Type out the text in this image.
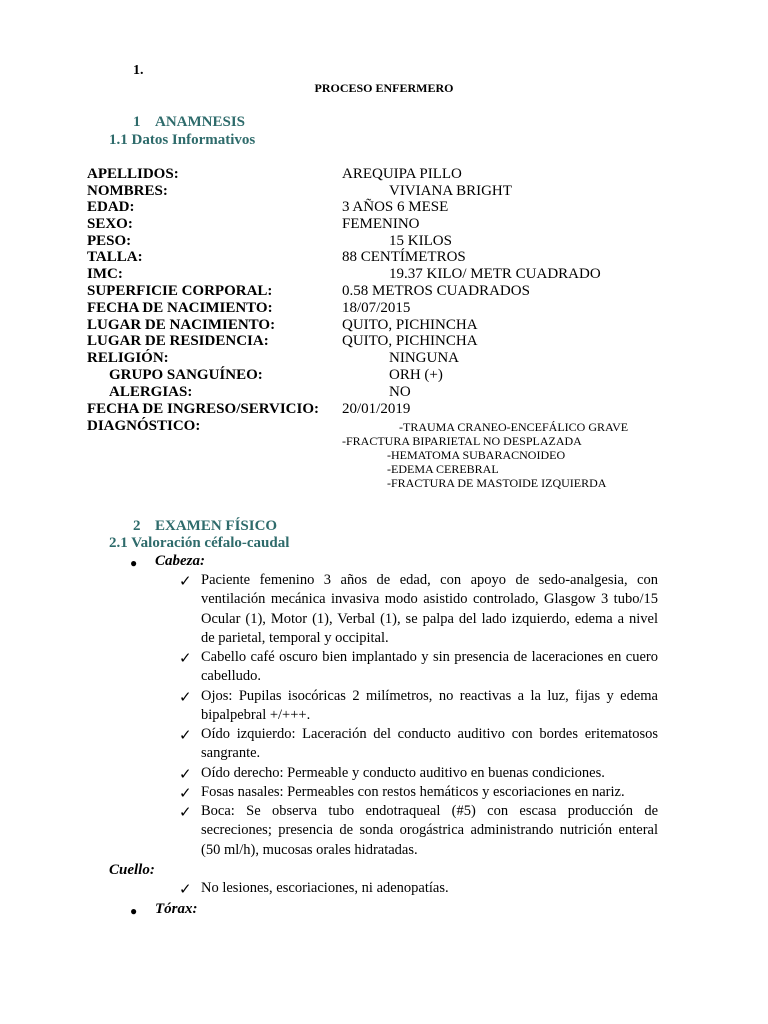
1.
PROCESO ENFERMERO
1 ANAMNESIS
1.1 Datos Informativos
APELLIDOS:	AREQUIPA PILLO
NOMBRES:	VIVIANA BRIGHT
EDAD:	3 AÑOS 6 MESE
SEXO:	FEMENINO
PESO:	15 KILOS
TALLA:	88 CENTÍMETROS
IMC:	19.37 KILO/ METR CUADRADO
SUPERFICIE CORPORAL:	0.58 METROS CUADRADOS
FECHA DE NACIMIENTO:	18/07/2015
LUGAR DE NACIMIENTO:	QUITO, PICHINCHA
LUGAR DE RESIDENCIA:	QUITO, PICHINCHA
RELIGIÓN:	NINGUNA
GRUPO SANGUÍNEO:	ORH (+)
ALERGIAS:	NO
FECHA DE INGRESO/SERVICIO: 20/01/2019
DIAGNÓSTICO:	-TRAUMA CRANEO-ENCEFÁLICO GRAVE
-FRACTURA BIPARIETAL NO DESPLAZADA
-HEMATOMA SUBARACNOIDEO
-EDEMA CEREBRAL
-FRACTURA DE MASTOIDE IZQUIERDA
2 EXAMEN FÍSICO
2.1 Valoración céfalo-caudal
● Cabeza:
✓ Paciente femenino 3 años de edad, con apoyo de sedo-analgesia, con ventilación mecánica invasiva modo asistido controlado, Glasgow 3 tubo/15 Ocular (1), Motor (1), Verbal (1), se palpa del lado izquierdo, edema a nivel de parietal, temporal y occipital.
✓ Cabello café oscuro bien implantado y sin presencia de laceraciones en cuero cabelludo.
✓ Ojos: Pupilas isocóricas 2 milímetros, no reactivas a la luz, fijas y edema bipalpebral +/+++.
✓ Oído izquierdo: Laceración del conducto auditivo con bordes eritematosos sangrante.
✓ Oído derecho: Permeable y conducto auditivo en buenas condiciones.
✓ Fosas nasales: Permeables con restos hemáticos y escoriaciones en nariz.
✓ Boca: Se observa tubo endotraqueal (#5) con escasa producción de secreciones; presencia de sonda orogástrica administrando nutrición enteral (50 ml/h), mucosas orales hidratadas.
Cuello:
✓ No lesiones, escoriaciones, ni adenopatías.
● Tórax:
